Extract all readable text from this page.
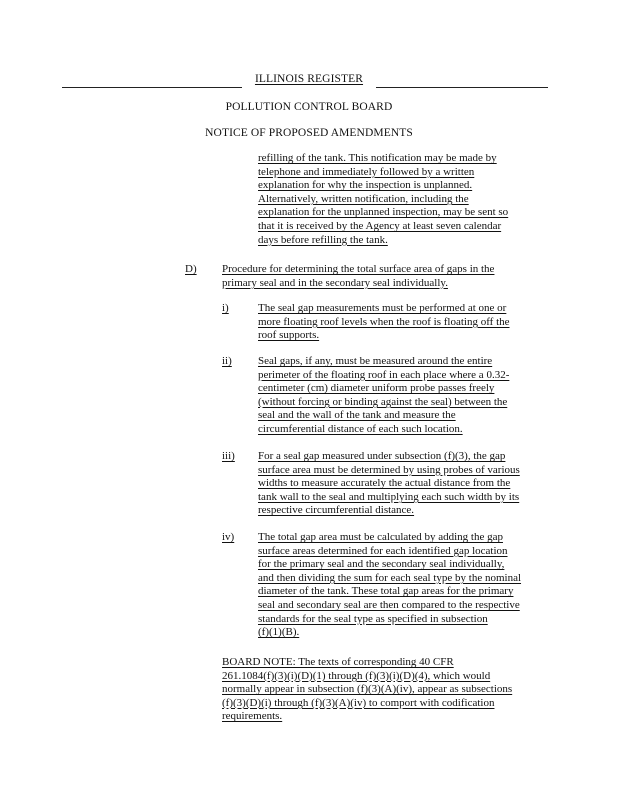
ILLINOIS REGISTER
POLLUTION CONTROL BOARD
NOTICE OF PROPOSED AMENDMENTS
refilling of the tank. This notification may be made by
telephone and immediately followed by a written
explanation for why the inspection is unplanned.
Alternatively, written notification, including the
explanation for the unplanned inspection, may be sent so
that it is received by the Agency at least seven calendar
days before refilling the tank.
D) Procedure for determining the total surface area of gaps in the
primary seal and in the secondary seal individually.
i)	The seal gap measurements must be performed at one or
more floating roof levels when the roof is floating off the
roof supports.
ii) Seal gaps, if any, must be measured around the entire
perimeter of the floating roof in each place where a 0.32-
centimeter (cm) diameter uniform probe passes freely
(without forcing or binding against the seal) between the
seal and the wall of the tank and measure the
circumferential distance of each such location.
iii) For a seal gap measured under subsection (f)(3), the gap
surface area must be determined by using probes of various
widths to measure accurately the actual distance from the
tank wall to the seal and multiplying each such width by its
respective circumferential distance.
iv) The total gap area must be calculated by adding the gap
surface areas determined for each identified gap location
for the primary seal and the secondary seal individually,
and then dividing the sum for each seal type by the nominal
diameter of the tank. These total gap areas for the primary
seal and secondary seal are then compared to the respective
standards for the seal type as specified in subsection
(f)(1)(B).
BOARD NOTE: The texts of corresponding 40 CFR
261.1084(f)(3)(i)(D)(1) through (f)(3)(i)(D)(4), which would
normally appear in subsection (f)(3)(A)(iv), appear as subsections
(f)(3)(D)(i) through (f)(3)(A)(iv) to comport with codification
requirements.
